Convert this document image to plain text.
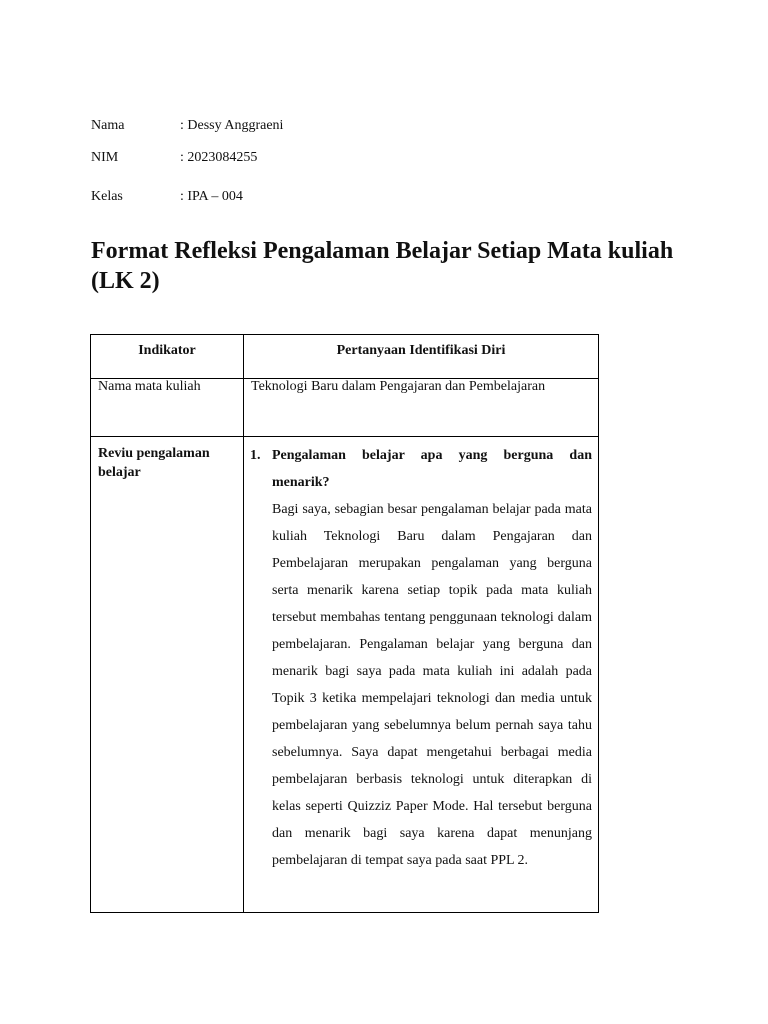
Nama	: Dessy Anggraeni
NIM	: 2023084255
Kelas	: IPA – 004
Format Refleksi Pengalaman Belajar Setiap Mata kuliah (LK 2)
Indikator	Pertanyaan Identifikasi Diri
Nama mata kuliah	Teknologi Baru dalam Pengajaran dan Pembelajaran
Reviu pengalaman belajar	1. Pengalaman belajar apa yang berguna dan
menarik?
Bagi saya, sebagian besar pengalaman belajar pada mata kuliah Teknologi Baru dalam Pengajaran dan Pembelajaran merupakan pengalaman yang berguna serta menarik karena setiap topik pada mata kuliah tersebut membahas tentang penggunaan teknologi dalam pembelajaran. Pengalaman belajar yang berguna dan menarik bagi saya pada mata kuliah ini adalah pada Topik 3 ketika mempelajari teknologi dan media untuk pembelajaran yang sebelumnya belum pernah saya tahu sebelumnya. Saya dapat mengetahui berbagai media pembelajaran berbasis teknologi untuk diterapkan di kelas seperti Quizziz Paper Mode. Hal tersebut berguna dan menarik bagi saya karena dapat menunjang pembelajaran di tempat saya pada saat PPL 2.
